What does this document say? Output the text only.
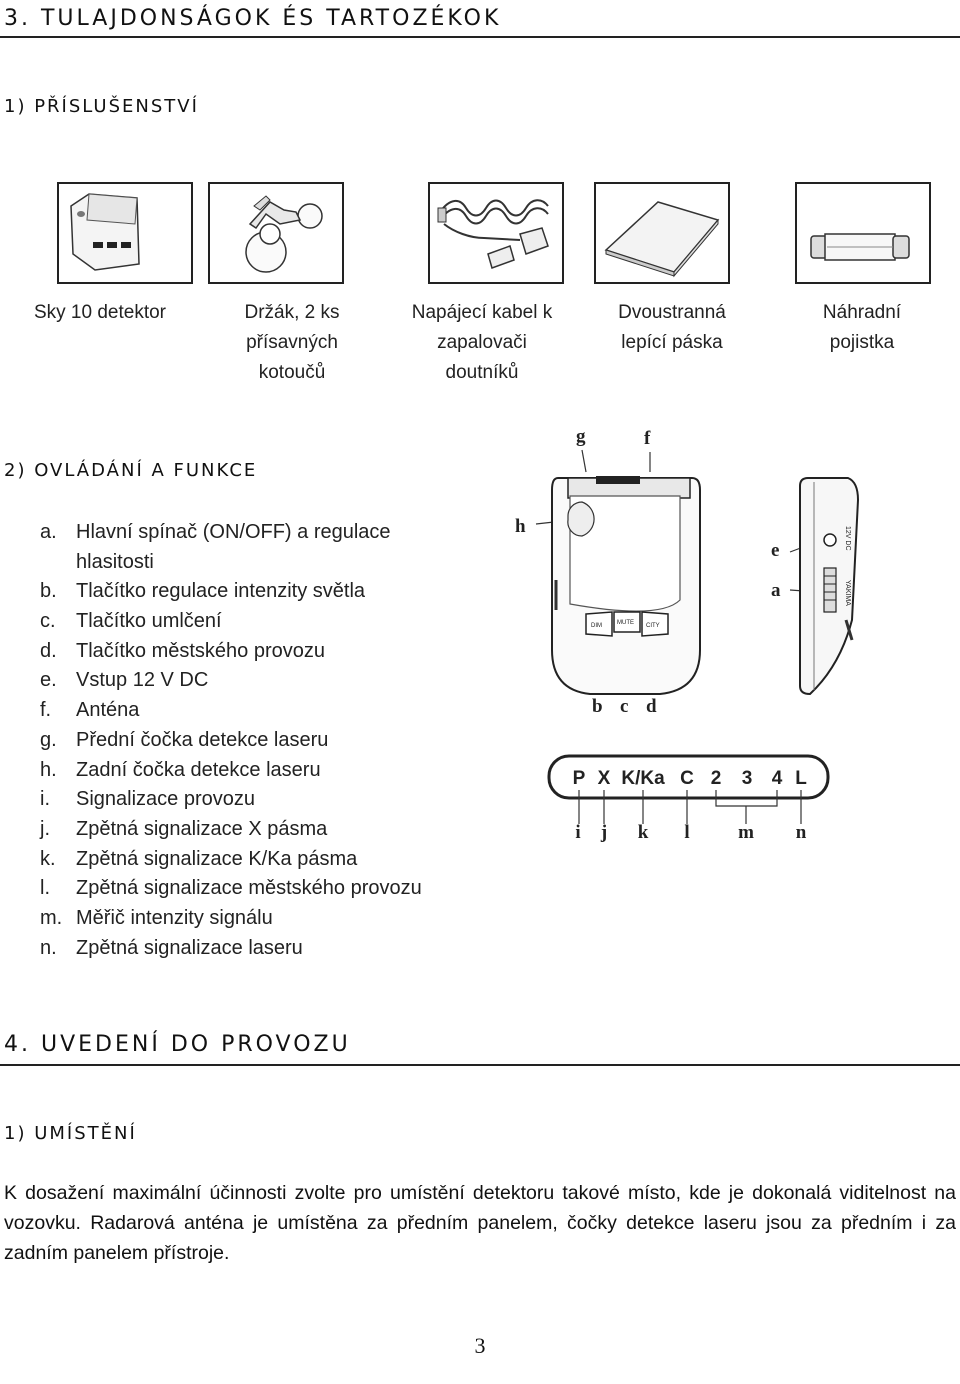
3. TULAJDONSÁGOK ÉS TARTOZÉKOK
1) PŘÍSLUŠENSTVÍ
Sky 10 detektor	Držák, 2 ks
přísavných
kotoučů
Napájecí kabel k
zapalovači
doutníků
Dvoustranná
lepící páska
Náhradní
pojistka
2) OVLÁDÁNÍ A FUNKCE
a. Hlavní spínač (ON/OFF) a regulace
hlasitosti
b. Tlačítko regulace intenzity světla
c. Tlačítko umlčení
d. Tlačítko městského provozu
e. Vstup 12 V DC
f. Anténa
g. Přední čočka detekce laseru
h. Zadní čočka detekce laseru
i. Signalizace provozu
j. Zpětná signalizace X pásma
k. Zpětná signalizace K/Ka pásma
l. Zpětná signalizace městského provozu
m. Měřič intenzity signálu
n. Zpětná signalizace laseru
g	f
h
b c d
e
a
DIM	MUTE CITY
12V DC
YAKIMA
P X K/Ka C 2 3 4 L
i j k l	m n
4. UVEDENÍ DO PROVOZU
1) UMÍSTĚNÍ
K dosažení maximální účinnosti zvolte pro umístění detektoru takové místo, kde je dokonalá viditelnost na vozovku. Radarová anténa je umístěna za předním panelem, čočky detekce laseru jsou za předním i za zadním panelem přístroje.
3
